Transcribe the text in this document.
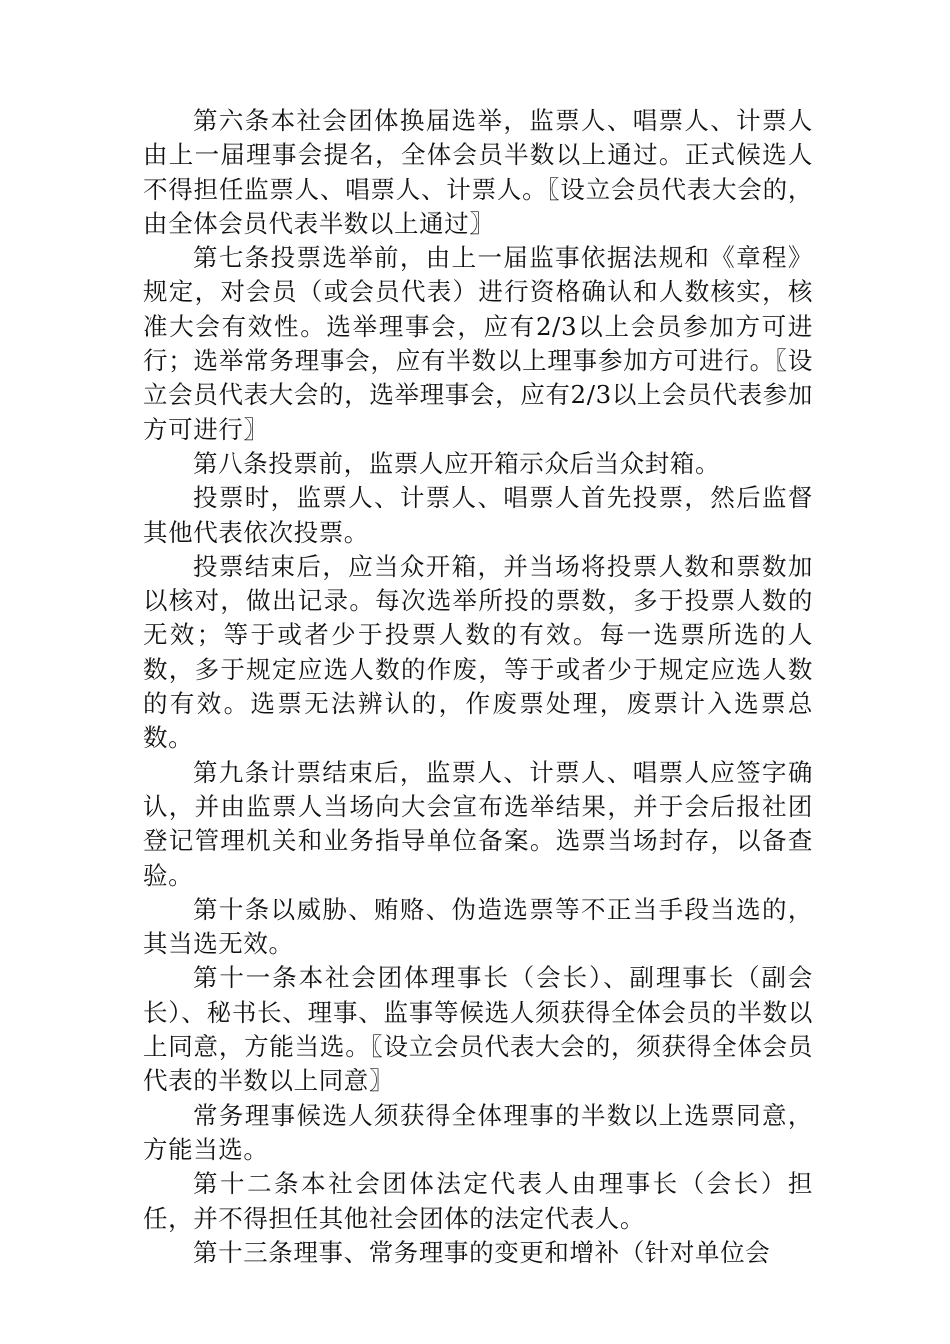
第六条本社会团体换届选举，监票人、唱票人、计票人由上一届理事会提名，全体会员半数以上通过。正式候选人不得担任监票人、唱票人、计票人。〖设立会员代表大会的，由全体会员代表半数以上通过〗

第七条投票选举前，由上一届监事依据法规和《章程》规定，对会员（或会员代表）进行资格确认和人数核实，核准大会有效性。选举理事会，应有2/3以上会员参加方可进行；选举常务理事会，应有半数以上理事参加方可进行。〖设立会员代表大会的，选举理事会，应有2/3以上会员代表参加方可进行〗

第八条投票前，监票人应开箱示众后当众封箱。

投票时，监票人、计票人、唱票人首先投票，然后监督其他代表依次投票。

投票结束后，应当众开箱，并当场将投票人数和票数加以核对，做出记录。每次选举所投的票数，多于投票人数的无效；等于或者少于投票人数的有效。每一选票所选的人数，多于规定应选人数的作废，等于或者少于规定应选人数的有效。选票无法辨认的，作废票处理，废票计入选票总数。

第九条计票结束后，监票人、计票人、唱票人应签字确认，并由监票人当场向大会宣布选举结果，并于会后报社团登记管理机关和业务指导单位备案。选票当场封存，以备查验。

第十条以威胁、贿赂、伪造选票等不正当手段当选的，其当选无效。

第十一条本社会团体理事长（会长）、副理事长（副会长）、秘书长、理事、监事等候选人须获得全体会员的半数以上同意，方能当选。〖设立会员代表大会的，须获得全体会员代表的半数以上同意〗

常务理事候选人须获得全体理事的半数以上选票同意，方能当选。

第十二条本社会团体法定代表人由理事长（会长）担任，并不得担任其他社会团体的法定代表人。

第十三条理事、常务理事的变更和增补（针对单位会
